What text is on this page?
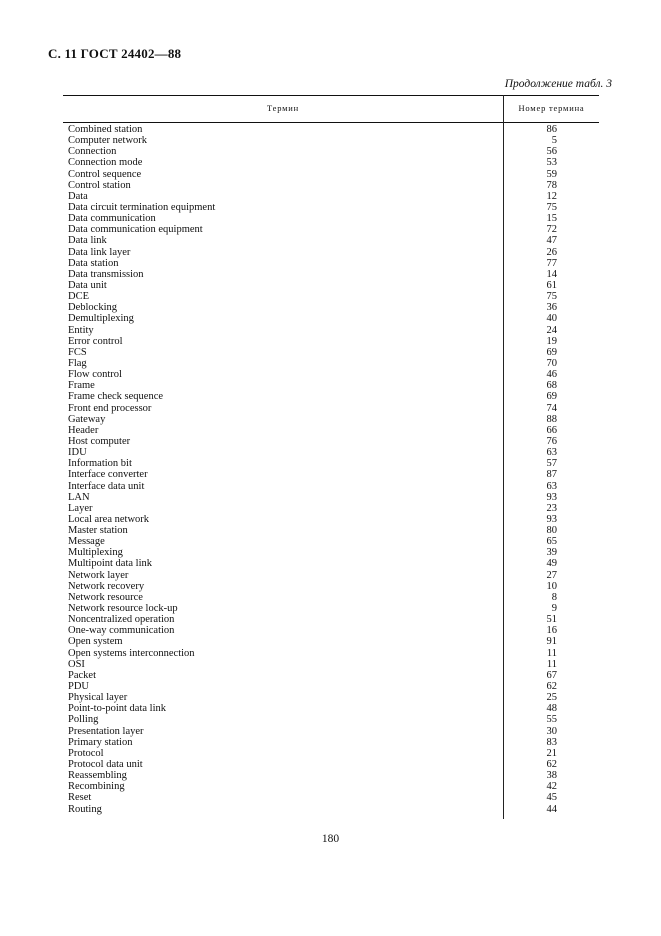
С. 11 ГОСТ 24402—88
Продолжение табл. 3
Термин	Номер термина
Combined station	86
Computer network	5
Connection	56
Connection mode	53
Control sequence	59
Control station	78
Data	12
Data circuit termination equipment	75
Data communication	15
Data communication equipment	72
Data link	47
Data link layer	26
Data station	77
Data transmission	14
Data unit	61
DCE	75
Deblocking	36
Demultiplexing	40
Entity	24
Error control	19
FCS	69
Flag	70
Flow control	46
Frame	68
Frame check sequence	69
Front end processor	74
Gateway	88
Header	66
Host computer	76
IDU	63
Information bit	57
Interface converter	87
Interface data unit	63
LAN	93
Layer	23
Local area network	93
Master station	80
Message	65
Multiplexing	39
Multipoint data link	49
Network layer	27
Network recovery	10
Network resource	8
Network resource lock-up	9
Noncentralized operation	51
One-way communication	16
Open system	91
Open systems interconnection	11
OSI	11
Packet	67
PDU	62
Physical layer	25
Point-to-point data link	48
Polling	55
Presentation layer	30
Primary station	83
Protocol	21
Protocol data unit	62
Reassembling	38
Recombining	42
Reset	45
Routing	44
180
